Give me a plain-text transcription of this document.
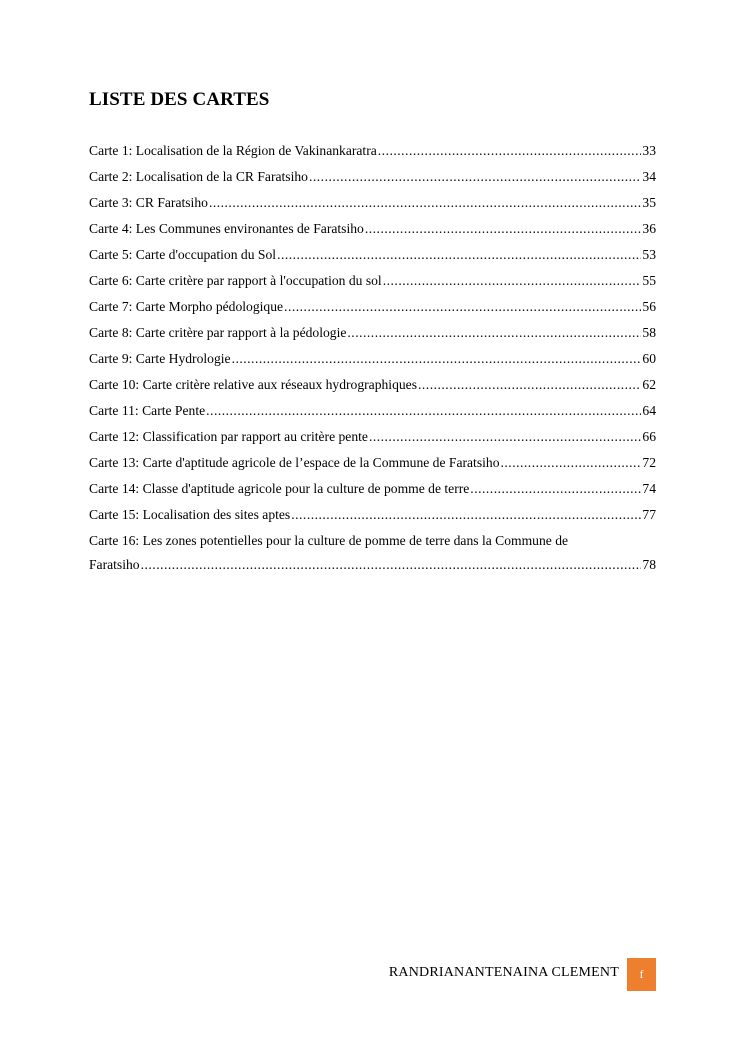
LISTE DES CARTES
Carte 1: Localisation de la Région de Vakinankaratra .....	33
Carte 2: Localisation de la CR Faratsiho .....	34
Carte 3: CR Faratsiho .....	35
Carte 4: Les Communes environantes de Faratsiho .....	36
Carte 5: Carte d'occupation du Sol .....	53
Carte 6: Carte critère par rapport à l'occupation du sol .....	55
Carte 7: Carte Morpho pédologique .....	56
Carte 8: Carte critère par rapport à la pédologie .....	58
Carte 9: Carte Hydrologie .....	60
Carte 10: Carte critère relative aux réseaux hydrographiques .....	62
Carte 11: Carte Pente .....	64
Carte 12: Classification par rapport au critère pente .....	66
Carte 13: Carte d'aptitude agricole de l’espace de la Commune de Faratsiho .....	72
Carte 14: Classe d'aptitude agricole pour la culture de pomme de terre .....	74
Carte 15: Localisation des sites aptes .....	77
Carte 16: Les zones potentielles pour la culture de pomme de terre dans la Commune de
Faratsiho .....	78
RANDRIANANTENAINA CLEMENT	f
